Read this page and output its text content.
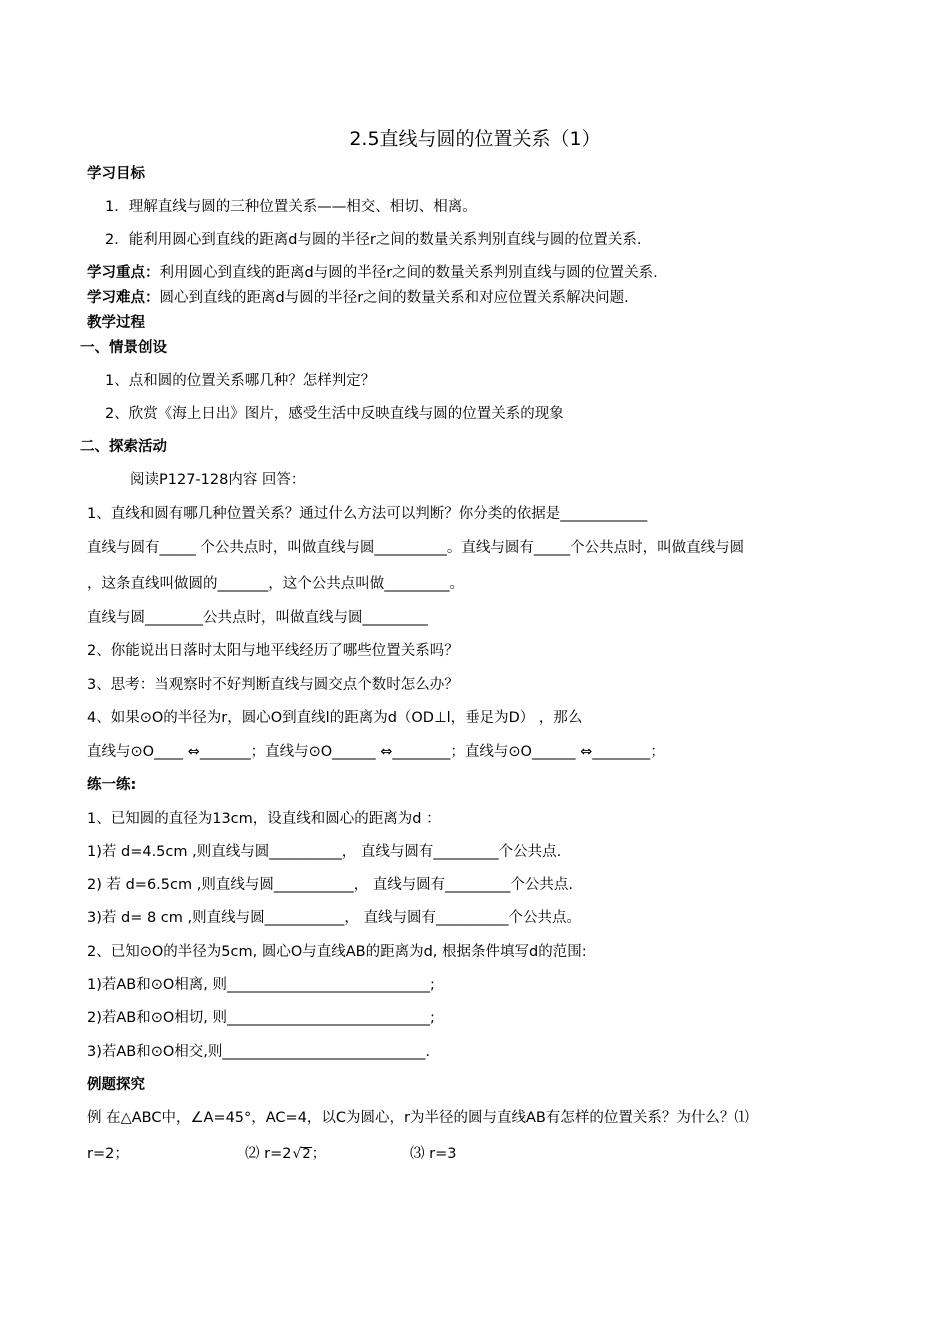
2.5直线与圆的位置关系（1）
学习目标
1．理解直线与圆的三种位置关系——相交、相切、相离。
2．能利用圆心到直线的距离d与圆的半径r之间的数量关系判别直线与圆的位置关系.
学习重点：利用圆心到直线的距离d与圆的半径r之间的数量关系判别直线与圆的位置关系.
学习难点：圆心到直线的距离d与圆的半径r之间的数量关系和对应位置关系解决问题.
教学过程
一、情景创设
1、点和圆的位置关系哪几种？怎样判定？
2、欣赏《海上日出》图片，感受生活中反映直线与圆的位置关系的现象
二、探索活动
阅读P127-128内容 回答：
1、直线和圆有哪几种位置关系？通过什么方法可以判断？你分类的依据是____________
直线与圆有_____ 个公共点时，叫做直线与圆__________。直线与圆有_____个公共点时，叫做直线与圆
，这条直线叫做圆的_______，这个公共点叫做_________。
直线与圆________公共点时，叫做直线与圆_________
2、你能说出日落时太阳与地平线经历了哪些位置关系吗？
3、思考：当观察时不好判断直线与圆交点个数时怎么办？
4、如果⊙O的半径为r，圆心O到直线l的距离为d（OD⊥l，垂足为D） ，那么
直线与⊙O____ ⇔_______；直线与⊙O______ ⇔________；直线与⊙O______ ⇔________；
练一练:
1、已知圆的直径为13cm，设直线和圆心的距离为d ：
1)若 d=4.5cm ,则直线与圆__________， 直线与圆有_________个公共点.
2) 若 d=6.5cm ,则直线与圆___________， 直线与圆有_________个公共点.
3)若 d= 8 cm ,则直线与圆___________， 直线与圆有__________个公共点。
2、已知⊙O的半径为5cm, 圆心O与直线AB的距离为d, 根据条件填写d的范围:
1)若AB和⊙O相离, 则____________________________;
2)若AB和⊙O相切, 则____________________________;
3)若AB和⊙O相交,则____________________________.
例题探究
例 在△ABC中，∠A=45°，AC=4，以C为圆心，r为半径的圆与直线AB有怎样的位置关系？为什么？⑴
r=2；	⑵ r=2√2；	⑶ r=3
